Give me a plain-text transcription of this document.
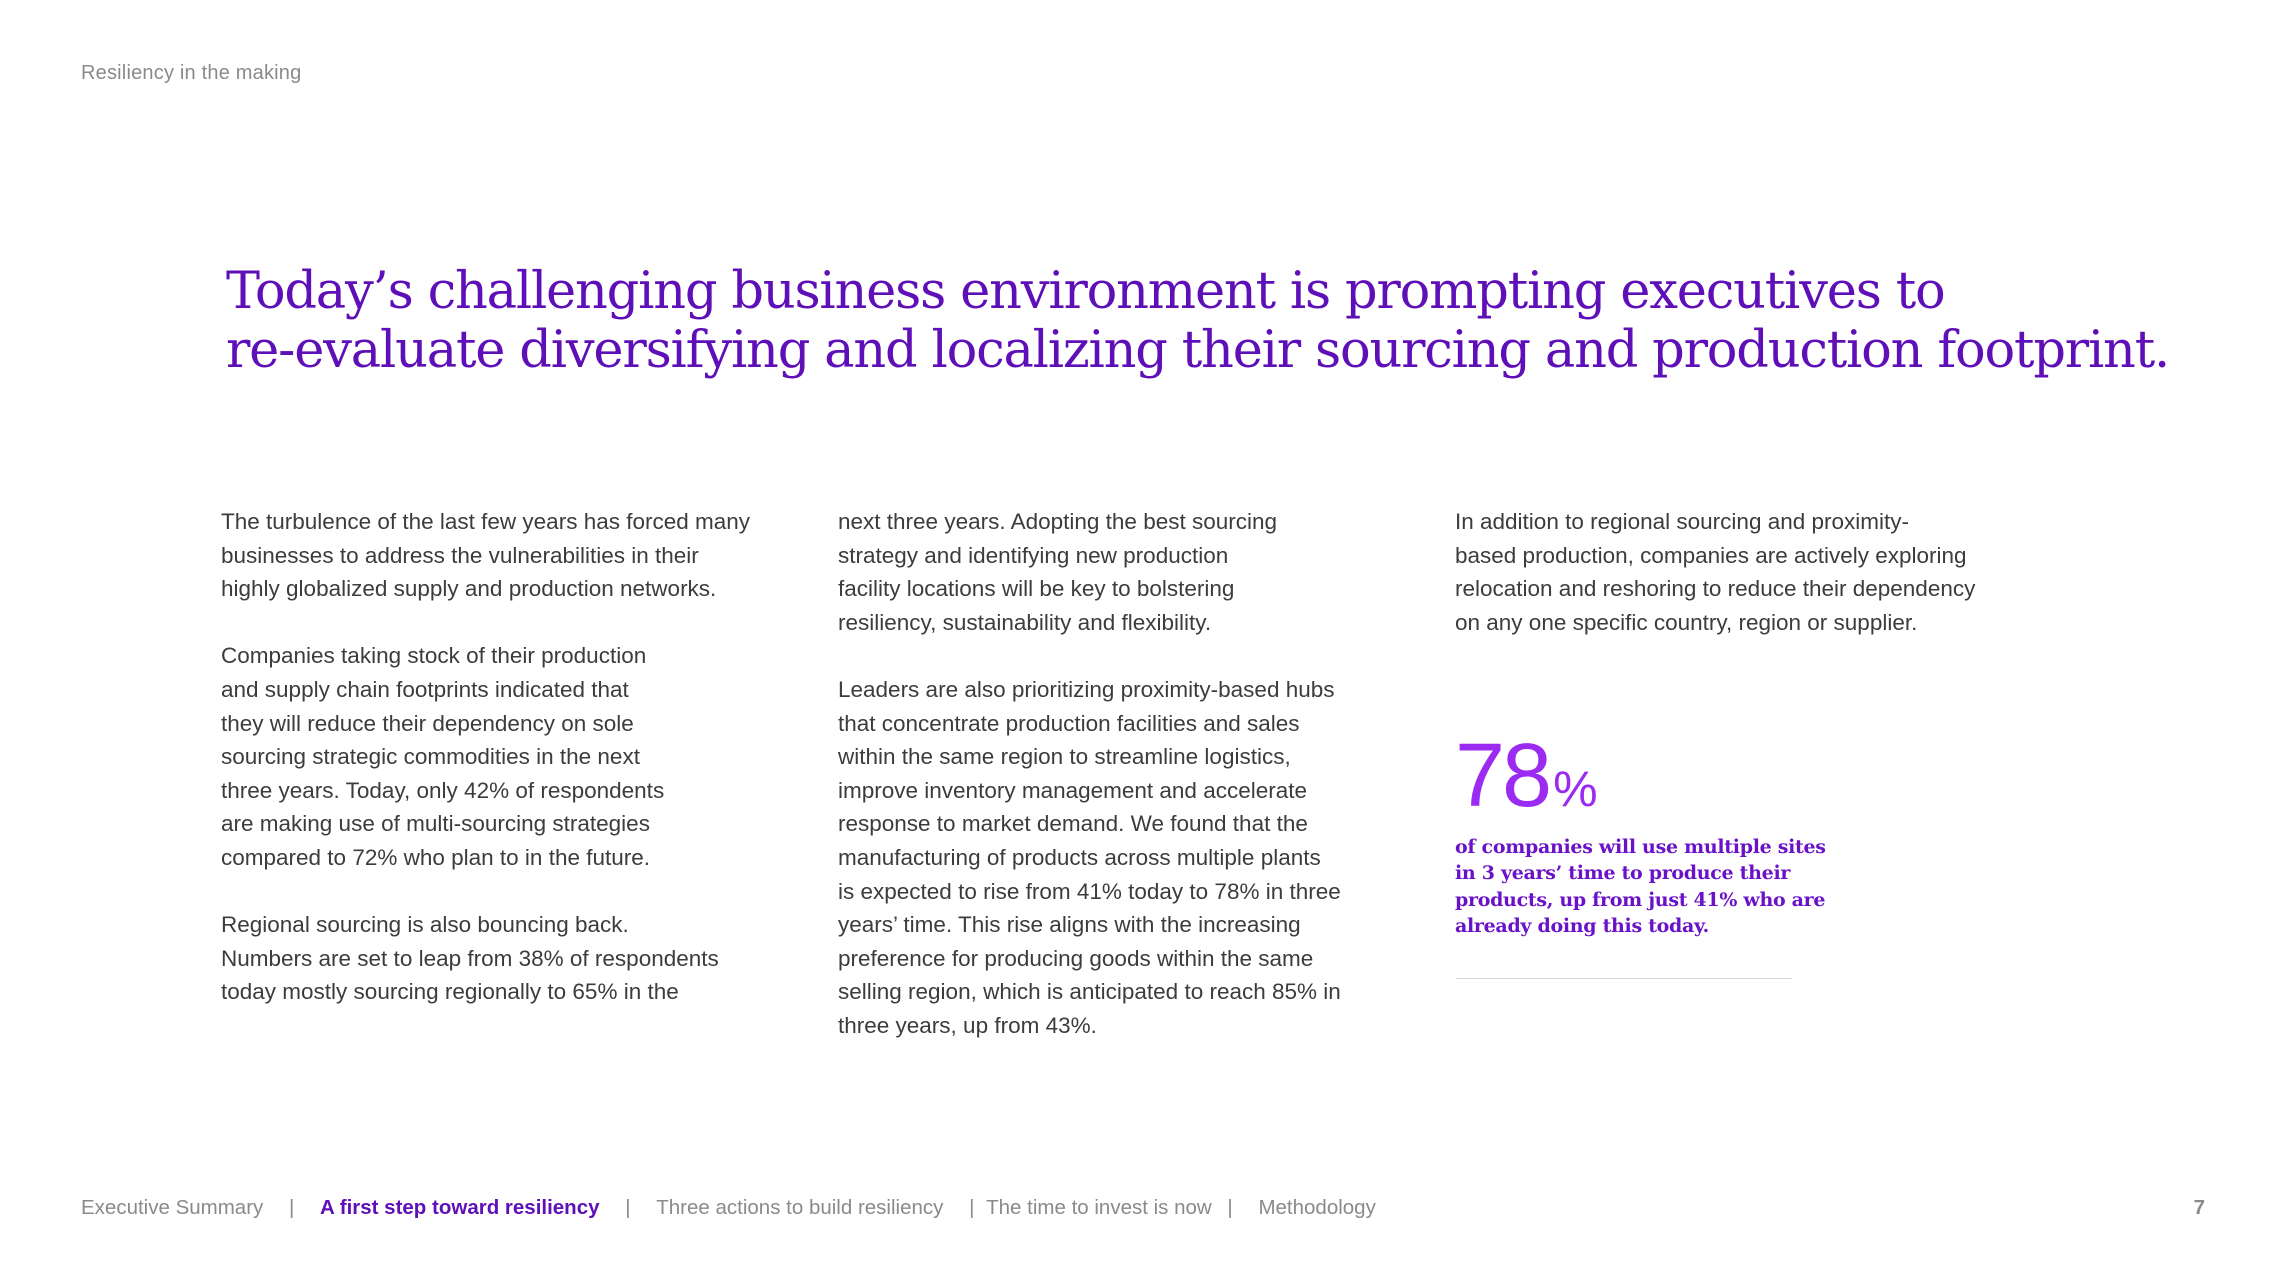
Resiliency in the making
Today’s challenging business environment is prompting executives to
re-evaluate diversifying and localizing their sourcing and production footprint.

The turbulence of the last few years has forced many
businesses to address the vulnerabilities in their
highly globalized supply and production networks.

Companies taking stock of their production
and supply chain footprints indicated that
they will reduce their dependency on sole
sourcing strategic commodities in the next
three years. Today, only 42% of respondents
are making use of multi-sourcing strategies
compared to 72% who plan to in the future.

Regional sourcing is also bouncing back.
Numbers are set to leap from 38% of respondents
today mostly sourcing regionally to 65% in the

next three years. Adopting the best sourcing
strategy and identifying new production
facility locations will be key to bolstering
resiliency, sustainability and flexibility.

Leaders are also prioritizing proximity-based hubs
that concentrate production facilities and sales
within the same region to streamline logistics,
improve inventory management and accelerate
response to market demand. We found that the
manufacturing of products across multiple plants
is expected to rise from 41% today to 78% in three
years’ time. This rise aligns with the increasing
preference for producing goods within the same
selling region, which is anticipated to reach 85% in
three years, up from 43%.

In addition to regional sourcing and proximity-
based production, companies are actively exploring
relocation and reshoring to reduce their dependency
on any one specific country, region or supplier.

78%
of companies will use multiple sites
in 3 years’ time to produce their
products, up from just 41% who are
already doing this today.
Executive Summary | A first step toward resiliency | Three actions to build resiliency | The time to invest is now | Methodology	7
